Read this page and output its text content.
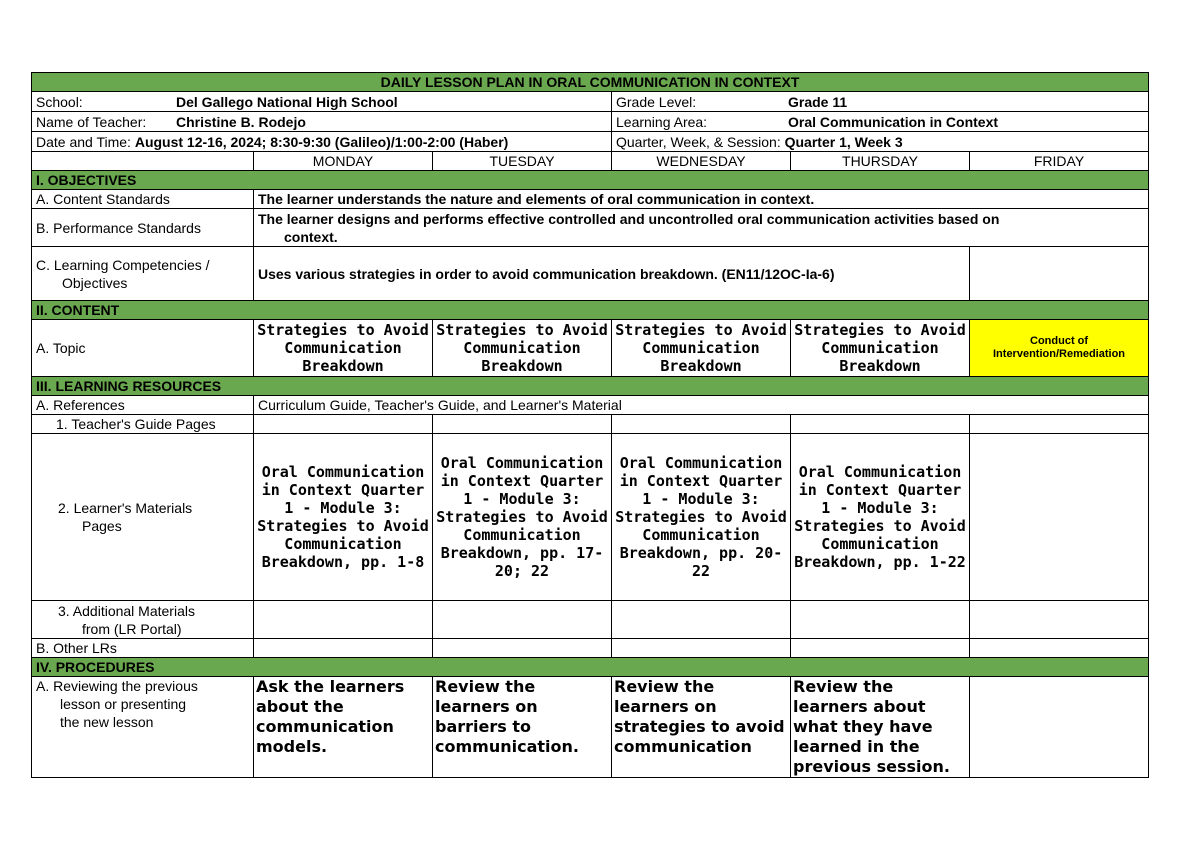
DAILY LESSON PLAN IN ORAL COMMUNICATION IN CONTEXT					
School: Del Gallego National High School			Grade Level: Grade 11		
Name of Teacher: Christine B. Rodejo			Learning Area: Oral Communication in Context		
Date and Time: August 12-16, 2024; 8:30-9:30 (Galileo)/1:00-2:00 (Haber)			Quarter, Week, & Session: Quarter 1, Week 3		
	MONDAY	TUESDAY	WEDNESDAY	THURSDAY	FRIDAY
I. OBJECTIVES					
A. Content Standards	The learner understands the nature and elements of oral communication in context.				
B. Performance Standards	The learner designs and performs effective controlled and uncontrolled oral communication activities based on
context.				

C. Learning Competencies /
Objectives	Uses various strategies in order to avoid communication breakdown. (EN11/12OC-Ia-6)				
II. CONTENT					
A. Topic	Strategies to Avoid Communication Breakdown	Strategies to Avoid Communication Breakdown	Strategies to Avoid Communication Breakdown	Strategies to Avoid Communication Breakdown	Conduct of Intervention/Remediation
III. LEARNING RESOURCES					
A. References	Curriculum Guide, Teacher's Guide, and Learner's Material				
1. Teacher's Guide Pages					

2. Learner's Materials
Pages	Oral Communication in Context Quarter 1 - Module 3: Strategies to Avoid Communication Breakdown, pp. 1-8	Oral Communication in Context Quarter 1 - Module 3: Strategies to Avoid Communication Breakdown, pp. 17-20; 22	Oral Communication in Context Quarter 1 - Module 3: Strategies to Avoid Communication Breakdown, pp. 20-22	Oral Communication in Context Quarter 1 - Module 3: Strategies to Avoid Communication Breakdown, pp. 1-22	

3. Additional Materials
from (LR Portal)					

B. Other LRs					
IV. PROCEDURES					

A. Reviewing the previous
lesson or presenting
the new lesson	Ask the learners about the communication models.	Review the learners on barriers to communication.	Review the learners on strategies to avoid communication	Review the learners about what they have learned in the previous session.	
